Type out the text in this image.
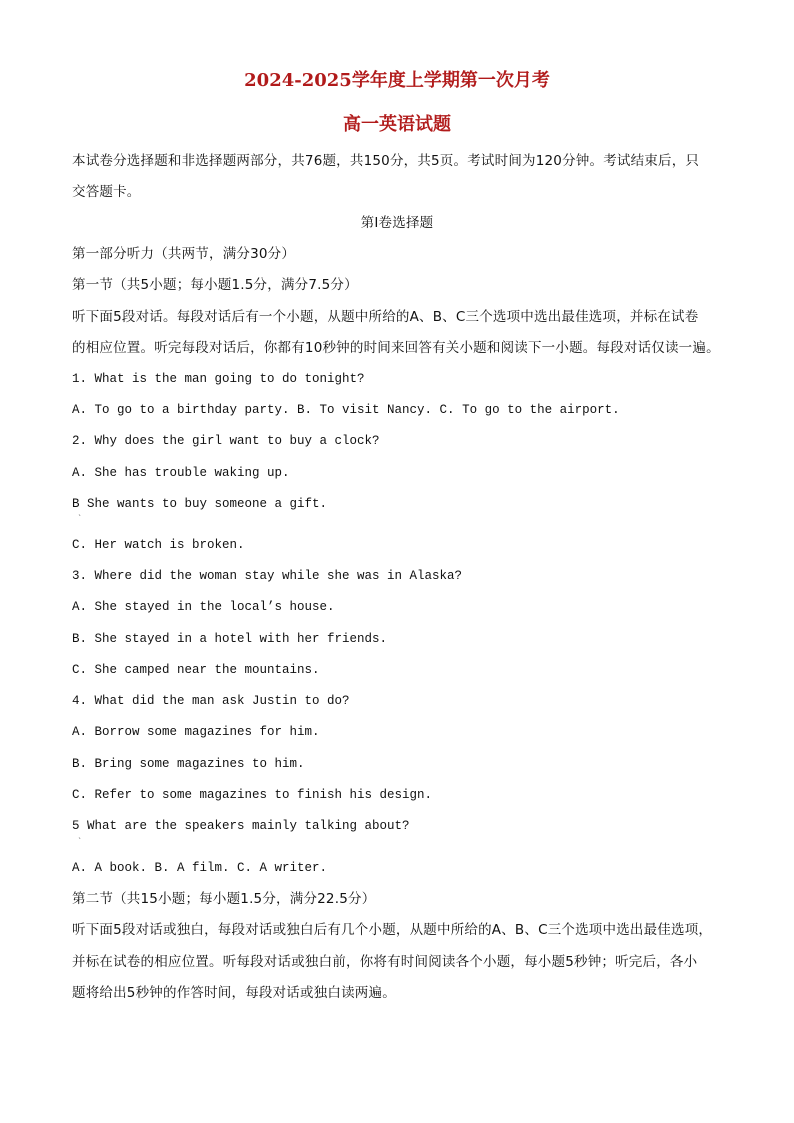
2024-2025学年度上学期第一次月考
高一英语试题
本试卷分选择题和非选择题两部分，共76题，共150分，共5页。考试时间为120分钟。考试结束后，只
交答题卡。
第I卷选择题
第一部分听力（共两节，满分30分）
第一节（共5小题；每小题1.5分，满分7.5分）
听下面5段对话。每段对话后有一个小题，从题中所给的A、B、C三个选项中选出最佳选项，并标在试卷
的相应位置。听完每段对话后，你都有10秒钟的时间来回答有关小题和阅读下一小题。每段对话仅读一遍。
1. What is the man going to do tonight?
A. To go to a birthday party. B. To visit Nancy. C. To go to the airport.
2. Why does the girl want to buy a clock?
A. She has trouble waking up.
B She wants to buy someone a gift.
ˋ
C. Her watch is broken.
3. Where did the woman stay while she was in Alaska?
A. She stayed in the local’s house.
B. She stayed in a hotel with her friends.
C. She camped near the mountains.
4. What did the man ask Justin to do?
A. Borrow some magazines for him.
B. Bring some magazines to him.
C. Refer to some magazines to finish his design.
5 What are the speakers mainly talking about?
ˋ
A. A book. B. A film. C. A writer.
第二节（共15小题；每小题1.5分，满分22.5分）
听下面5段对话或独白，每段对话或独白后有几个小题，从题中所给的A、B、C三个选项中选出最佳选项，
并标在试卷的相应位置。听每段对话或独白前，你将有时间阅读各个小题，每小题5秒钟；听完后，各小
题将给出5秒钟的作答时间，每段对话或独白读两遍。
